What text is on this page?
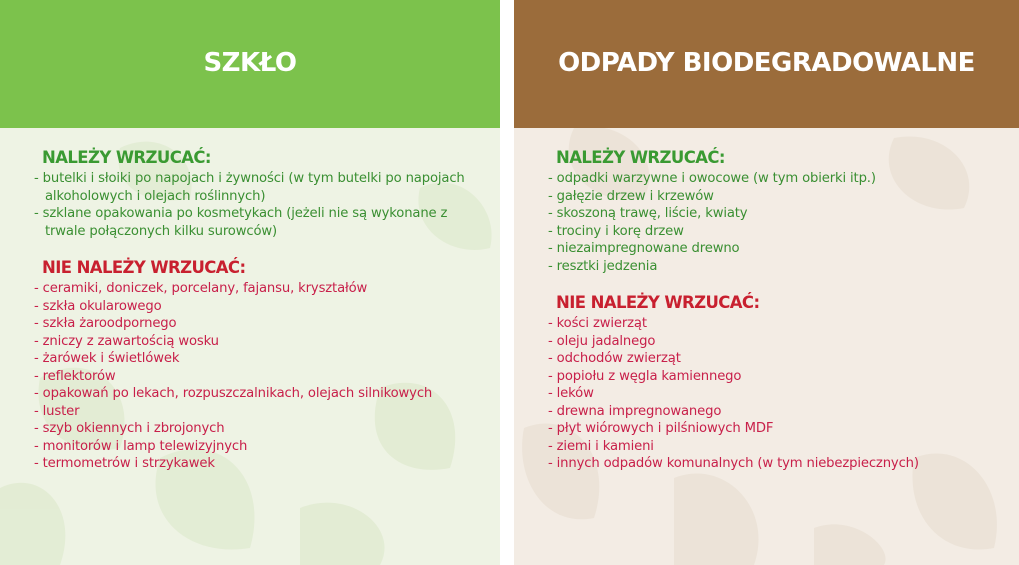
SZKŁO
NALEŻY WRZUCAĆ:
- butelki i słoiki po napojach i żywności (w tym butelki po napojach alkoholowych i olejach roślinnych)
- szklane opakowania po kosmetykach (jeżeli nie są wykonane z trwale połączonych kilku surowców)
NIE NALEŻY WRZUCAĆ:
- ceramiki, doniczek, porcelany, fajansu, kryształów
- szkła okularowego
- szkła żaroodpornego
- zniczy z zawartością wosku
- żarówek i świetlówek
- reflektorów
- opakowań po lekach, rozpuszczalnikach, olejach silnikowych
- luster
- szyb okiennych i zbrojonych
- monitorów i lamp telewizyjnych
- termometrów i strzykawek
ODPADY BIODEGRADOWALNE
NALEŻY WRZUCAĆ:
- odpadki warzywne i owocowe (w tym obierki itp.)
- gałęzie drzew i krzewów
- skoszoną trawę, liście, kwiaty
- trociny i korę drzew
- niezaimpregnowane drewno
- resztki jedzenia
NIE NALEŻY WRZUCAĆ:
- kości zwierząt
- oleju jadalnego
- odchodów zwierząt
- popiołu z węgla kamiennego
- leków
- drewna impregnowanego
- płyt wiórowych i pilśniowych MDF
- ziemi i kamieni
- innych odpadów komunalnych (w tym niebezpiecznych)
